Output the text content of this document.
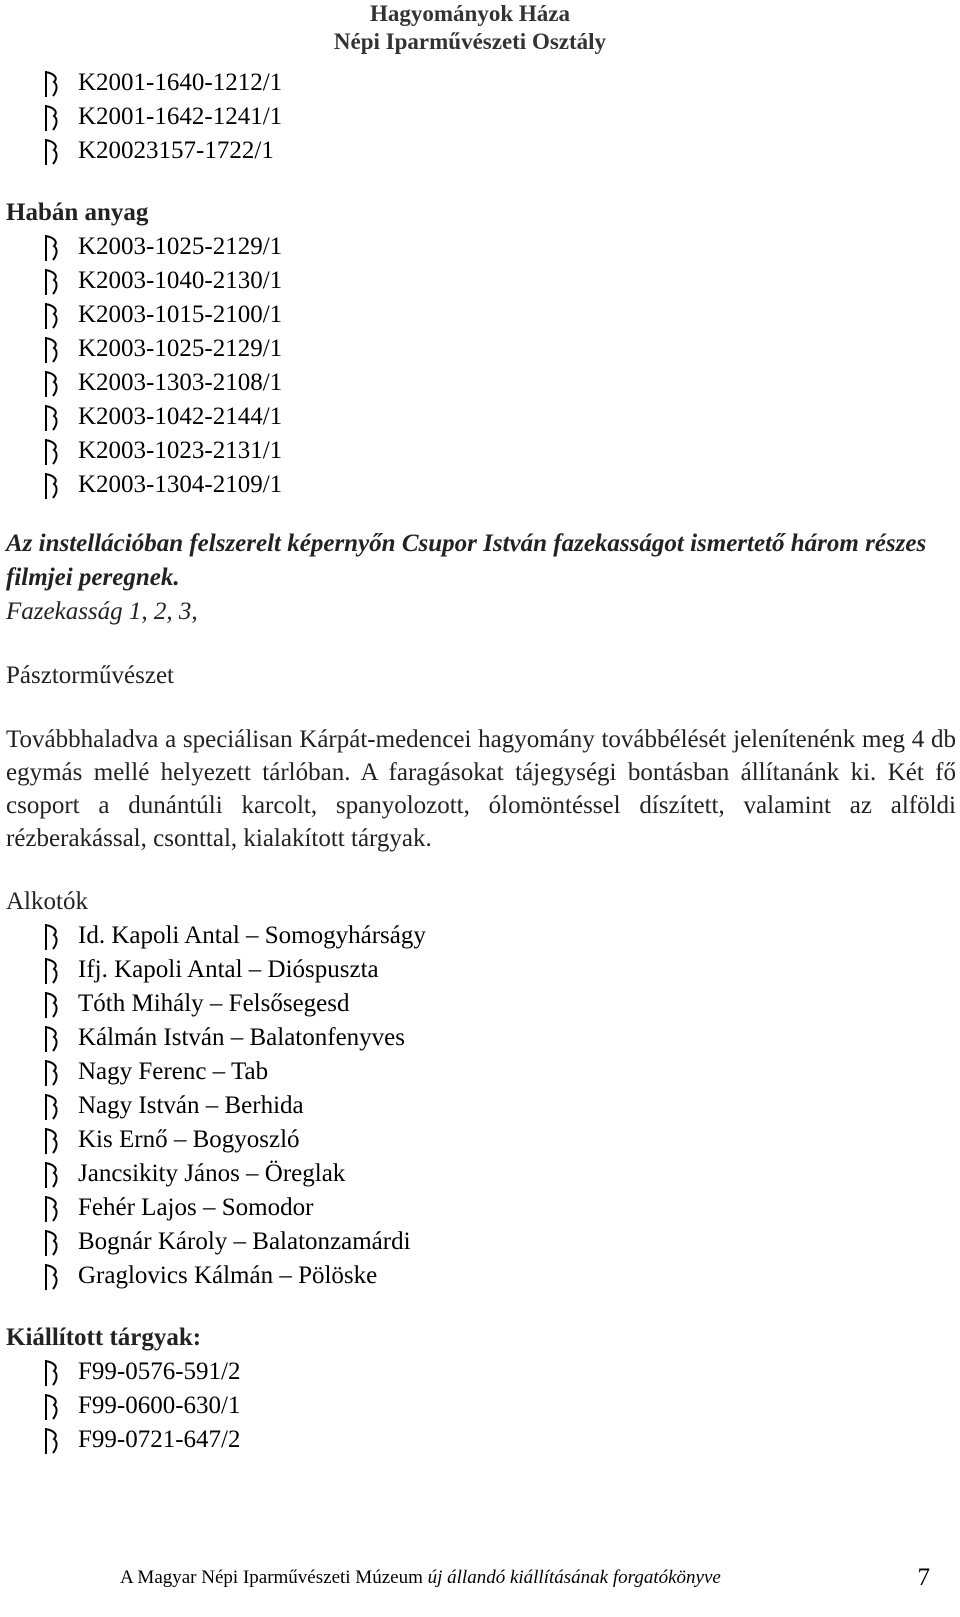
Hagyományok Háza
Népi Iparművészeti Osztály
K2001-1640-1212/1
K2001-1642-1241/1
K20023157-1722/1
Habán anyag
K2003-1025-2129/1
K2003-1040-2130/1
K2003-1015-2100/1
K2003-1025-2129/1
K2003-1303-2108/1
K2003-1042-2144/1
K2003-1023-2131/1
K2003-1304-2109/1
Az instellációban felszerelt képernyőn Csupor István fazekasságot ismertető három részes filmjei peregnek.
Fazekasság 1, 2, 3,
Pásztorművészet
Továbbhaladva a speciálisan Kárpát-medencei hagyomány továbbélését jelenítenénk meg 4 db egymás mellé helyezett tárlóban. A faragásokat tájegységi bontásban állítanánk ki. Két fő csoport a dunántúli karcolt, spanyolozott, ólomöntéssel díszített, valamint az alföldi rézberakással, csonttal, kialakított tárgyak.
Alkotók
Id. Kapoli Antal – Somogyhárságy
Ifj. Kapoli Antal – Dióspuszta
Tóth Mihály – Felsősegesd
Kálmán István – Balatonfenyves
Nagy Ferenc – Tab
Nagy István – Berhida
Kis Ernő – Bogyoszló
Jancsikity János – Öreglak
Fehér Lajos – Somodor
Bognár Károly – Balatonzamárdi
Graglovics Kálmán – Pölöske
Kiállított tárgyak:
F99-0576-591/2
F99-0600-630/1
F99-0721-647/2
A Magyar Népi Iparművészeti Múzeum új állandó kiállításának forgatókönyve	7
